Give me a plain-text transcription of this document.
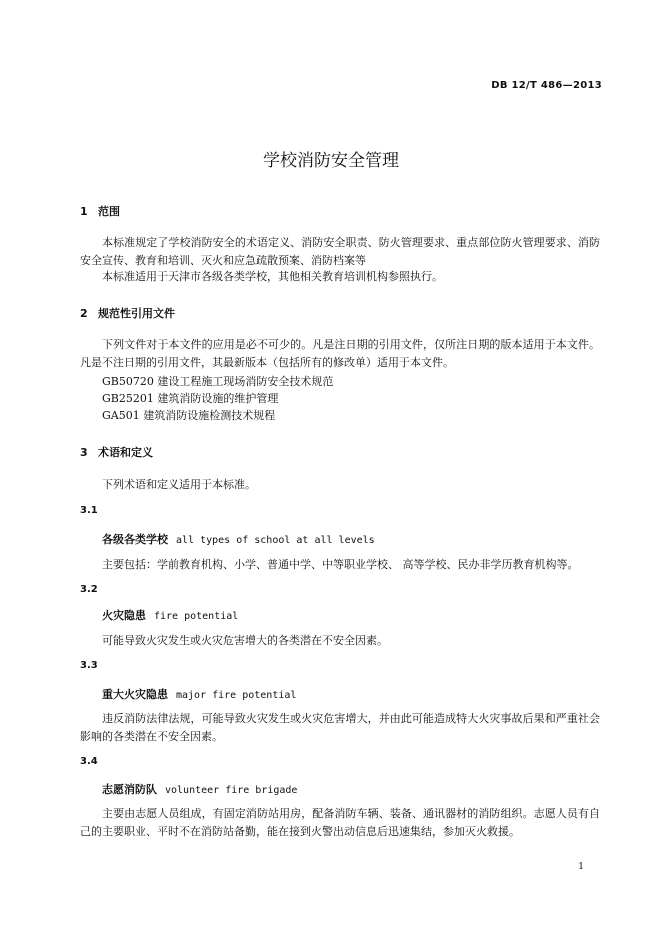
DB 12/T 486—2013
学校消防安全管理
1 范围
本标准规定了学校消防安全的术语定义、消防安全职责、防火管理要求、重点部位防火管理要求、消防安全宣传、教育和培训、灭火和应急疏散预案、消防档案等
本标准适用于天津市各级各类学校，其他相关教育培训机构参照执行。
2 规范性引用文件
下列文件对于本文件的应用是必不可少的。凡是注日期的引用文件，仅所注日期的版本适用于本文件。凡是不注日期的引用文件，其最新版本（包括所有的修改单）适用于本文件。
GB50720 建设工程施工现场消防安全技术规范
GB25201 建筑消防设施的维护管理
GA501 建筑消防设施检测技术规程
3 术语和定义
下列术语和定义适用于本标准。
3.1
各级各类学校 all types of school at all levels
主要包括：学前教育机构、小学、普通中学、中等职业学校、 高等学校、民办非学历教育机构等。
3.2
火灾隐患 fire potential
可能导致火灾发生或火灾危害增大的各类潜在不安全因素。
3.3
重大火灾隐患 major fire potential
违反消防法律法规，可能导致火灾发生或火灾危害增大，并由此可能造成特大火灾事故后果和严重社会影响的各类潜在不安全因素。
3.4
志愿消防队 volunteer fire brigade
主要由志愿人员组成，有固定消防站用房，配备消防车辆、装备、通讯器材的消防组织。志愿人员有自己的主要职业、平时不在消防站备勤，能在接到火警出动信息后迅速集结，参加灭火救援。
1
